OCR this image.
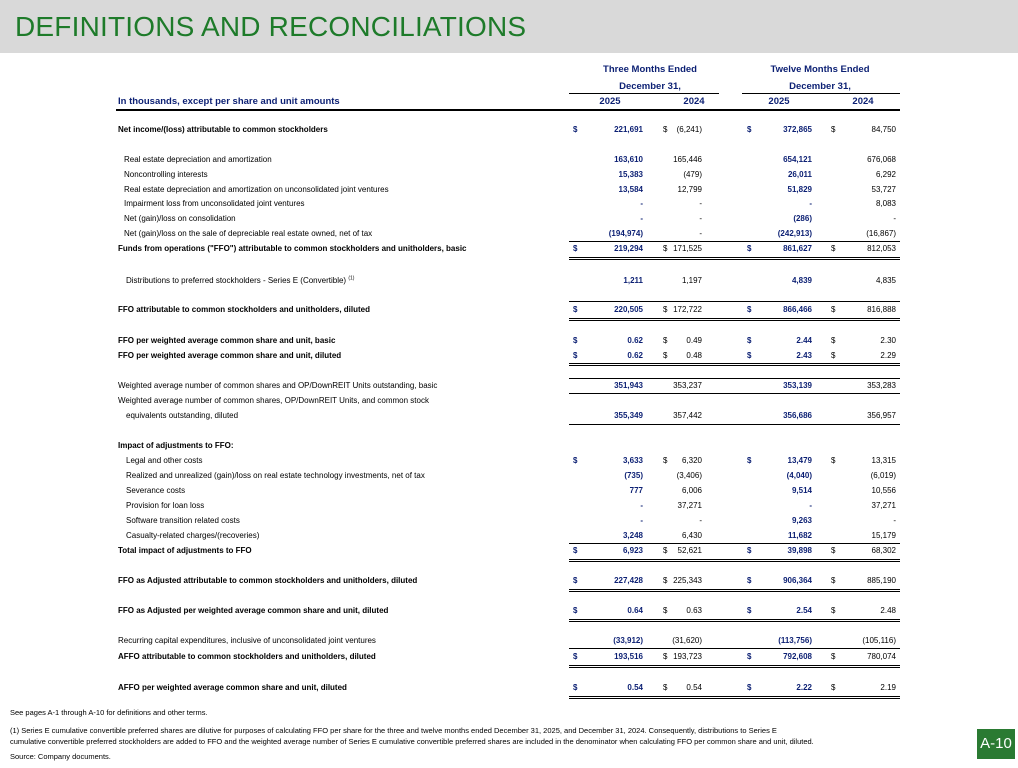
DEFINITIONS AND RECONCILIATIONS
Three Months Ended	Twelve Months Ended
December 31,	December 31,
In thousands, except per share and unit amounts	2025	2024	2025	2024
Net income/(loss) attributable to common stockholders	$	221,691	$ (6,241)	$	372,865 $	84,750
Real estate depreciation and amortization	163,610	165,446	654,121	676,068
Noncontrolling interests	15,383	(479)	26,011	6,292
Real estate depreciation and amortization on unconsolidated joint ventures	13,584	12,799	51,829	53,727
Impairment loss from unconsolidated joint ventures	-	-	-	8,083
Net (gain)/loss on consolidation	-	-	(286)	-
Net (gain)/loss on the sale of depreciable real estate owned, net of tax	(194,974)	-	(242,913)	(16,867)
Funds from operations ("FFO") attributable to common stockholders and unitholders, basic	$	219,294	$ 171,525	$	861,627 $	812,053
Distributions to preferred stockholders - Series E (Convertible) $^{(1)}$	1,211	1,197	4,839	4,835
FFO attributable to common stockholders and unitholders, diluted	$	220,505	$ 172,722	$	866,466 $	816,888
FFO per weighted average common share and unit, basic	$	0.62	$ 0.49	$	2.44 $	2.30
FFO per weighted average common share and unit, diluted	$	0.62	$ 0.48	$	2.43 $	2.29
Weighted average number of common shares and OP/DownREIT Units outstanding, basic	351,943	353,237	353,139	353,283
Weighted average number of common shares, OP/DownREIT Units, and common stock
equivalents outstanding, diluted	355,349	357,442	356,686	356,957
Impact of adjustments to FFO:
Legal and other costs	$	3,633	$ 6,320	$	13,479 $	13,315
Realized and unrealized (gain)/loss on real estate technology investments, net of tax	(735)	(3,406)	(4,040)	(6,019)
Severance costs	777	6,006	9,514	10,556
Provision for loan loss	-	37,271	-	37,271
Software transition related costs	-	-	9,263	-
Casualty-related charges/(recoveries)	3,248	6,430	11,682	15,179
Total impact of adjustments to FFO	$	6,923	$ 52,621	$	39,898 $	68,302
FFO as Adjusted attributable to common stockholders and unitholders, diluted	$	227,428	$ 225,343	$	906,364 $	885,190
FFO as Adjusted per weighted average common share and unit, diluted	$	0.64	$ 0.63	$	2.54 $	2.48
Recurring capital expenditures, inclusive of unconsolidated joint ventures	(33,912)	(31,620)	(113,756)	(105,116)
AFFO attributable to common stockholders and unitholders, diluted	$	193,516	$ 193,723	$	792,608 $	780,074
AFFO per weighted average common share and unit, diluted	$	0.54	$ 0.54	$	2.22 $	2.19
See pages A-1 through A-10 for definitions and other terms.
(1) Series E cumulative convertible preferred shares are dilutive for purposes of calculating FFO per share for the three and twelve months ended December 31, 2025, and December 31, 2024. Consequently, distributions to Series E
cumulative convertible preferred stockholders are added to FFO and the weighted average number of Series E cumulative convertible preferred shares are included in the denominator when calculating FFO per common share and unit, diluted.
Source: Company documents.
A-10
